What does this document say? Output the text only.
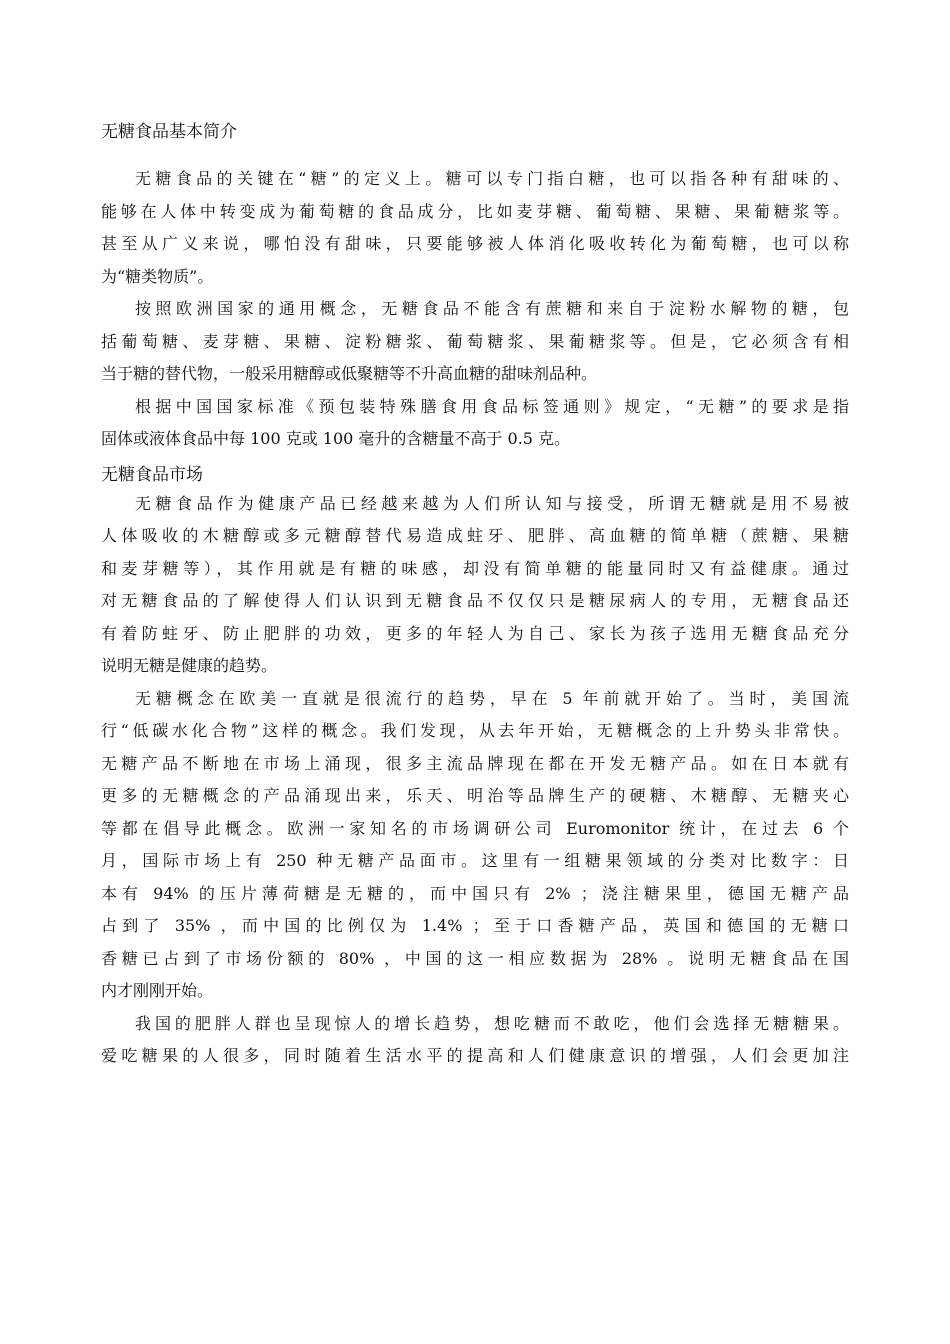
无糖食品基本简介
无糖食品的关键在“糖”的定义上。糖可以专门指白糖，也可以指各种有甜味的、
能够在人体中转变成为葡萄糖的食品成分，比如麦芽糖、葡萄糖、果糖、果葡糖浆等。
甚至从广义来说，哪怕没有甜味，只要能够被人体消化吸收转化为葡萄糖，也可以称
为“糖类物质”。
按照欧洲国家的通用概念，无糖食品不能含有蔗糖和来自于淀粉水解物的糖，包
括葡萄糖、麦芽糖、果糖、淀粉糖浆、葡萄糖浆、果葡糖浆等。但是，它必须含有相
当于糖的替代物，一般采用糖醇或低聚糖等不升高血糖的甜味剂品种。
根据中国国家标准《预包装特殊膳食用食品标签通则》规定，“无糖”的要求是指
固体或液体食品中每 100 克或 100 毫升的含糖量不高于 0.5 克。
无糖食品市场
无糖食品作为健康产品已经越来越为人们所认知与接受，所谓无糖就是用不易被
人体吸收的木糖醇或多元糖醇替代易造成蛀牙、肥胖、高血糖的简单糖（蔗糖、果糖
和麦芽糖等），其作用就是有糖的味感，却没有简单糖的能量同时又有益健康。通过
对无糖食品的了解使得人们认识到无糖食品不仅仅只是糖尿病人的专用，无糖食品还
有着防蛀牙、防止肥胖的功效，更多的年轻人为自己、家长为孩子选用无糖食品充分
说明无糖是健康的趋势。
无糖概念在欧美一直就是很流行的趋势，早在 5 年前就开始了。当时，美国流
行“低碳水化合物”这样的概念。我们发现，从去年开始，无糖概念的上升势头非常快。
无糖产品不断地在市场上涌现，很多主流品牌现在都在开发无糖产品。如在日本就有
更多的无糖概念的产品涌现出来，乐天、明治等品牌生产的硬糖、木糖醇、无糖夹心
等都在倡导此概念。欧洲一家知名的市场调研公司 Euromonitor 统计，在过去 6 个
月，国际市场上有 250 种无糖产品面市。这里有一组糖果领域的分类对比数字：日
本有 94% 的压片薄荷糖是无糖的，而中国只有 2% ；浇注糖果里，德国无糖产品
占到了 35% ，而中国的比例仅为 1.4% ；至于口香糖产品，英国和德国的无糖口
香糖已占到了市场份额的 80% ，中国的这一相应数据为 28% 。说明无糖食品在国
内才刚刚开始。
我国的肥胖人群也呈现惊人的增长趋势，想吃糖而不敢吃，他们会选择无糖糖果。
爱吃糖果的人很多，同时随着生活水平的提高和人们健康意识的增强，人们会更加注
